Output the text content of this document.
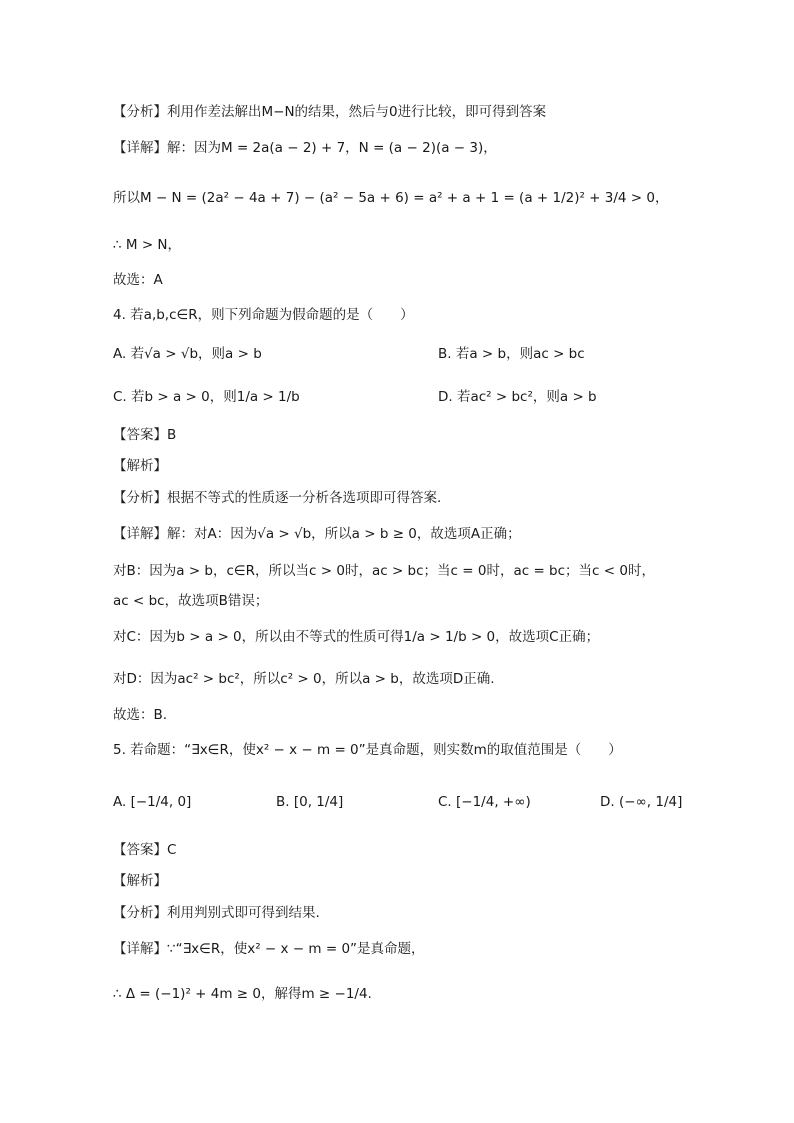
【分析】利用作差法解出M−N的结果，然后与0进行比较，即可得到答案
【详解】解：因为M = 2a(a − 2) + 7，N = (a − 2)(a − 3)，
所以M − N = (2a² − 4a + 7) − (a² − 5a + 6) = a² + a + 1 = (a + 1/2)² + 3/4 > 0，
∴ M > N，
故选：A
4. 若a,b,c∈R，则下列命题为假命题的是（　　）
A. 若√a > √b，则a > b	B. 若a > b，则ac > bc
C. 若b > a > 0，则1/a > 1/b	D. 若ac² > bc²，则a > b
【答案】B
【解析】
【分析】根据不等式的性质逐一分析各选项即可得答案.
【详解】解：对A：因为√a > √b，所以a > b ≥ 0，故选项A正确；
对B：因为a > b，c∈R，所以当c > 0时，ac > bc；当c = 0时，ac = bc；当c < 0时，
ac < bc，故选项B错误；
对C：因为b > a > 0，所以由不等式的性质可得1/a > 1/b > 0，故选项C正确；
对D：因为ac² > bc²，所以c² > 0，所以a > b，故选项D正确.
故选：B.
5. 若命题：“∃x∈R，使x² − x − m = 0”是真命题，则实数m的取值范围是（　　）
A. [−1/4, 0]	B. [0, 1/4]	C. [−1/4, +∞)	D. (−∞, 1/4]
【答案】C
【解析】
【分析】利用判别式即可得到结果.
【详解】∵“∃x∈R，使x² − x − m = 0”是真命题，
∴ Δ = (−1)² + 4m ≥ 0，解得m ≥ −1/4.
